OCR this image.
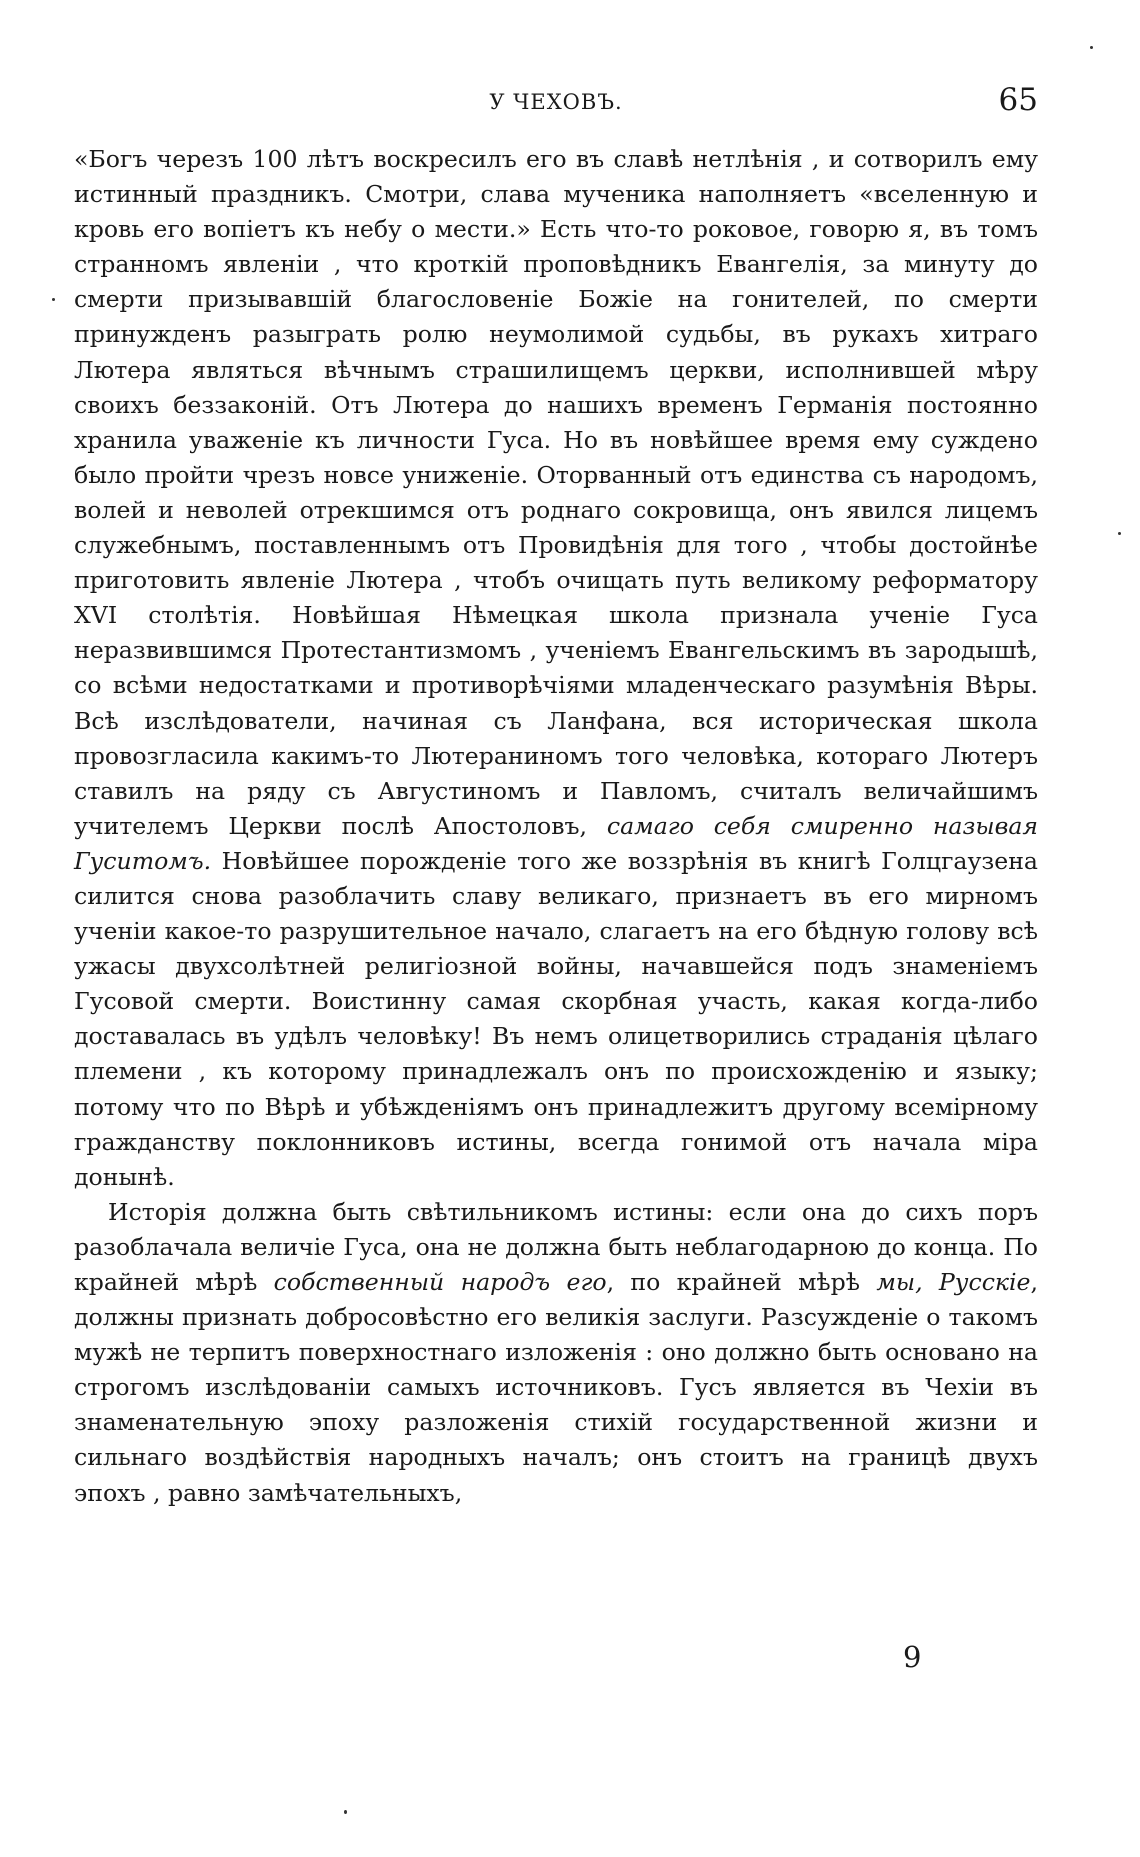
У ЧЕХОВЪ.	65

«Богъ черезъ 100 лѣтъ воскресилъ его въ славѣ нетлѣнія , и сотворилъ ему истинный праздникъ. Смотри, слава мученика наполняетъ «вселенную и кровь его вопіетъ къ небу о мести.» Есть что-то роковое, говорю я, въ томъ странномъ явленіи , что кроткій проповѣдникъ Евангелія, за минуту до смерти призывавшій благословеніе Божіе на гонителей, по смерти принужденъ разыграть ролю неумолимой судьбы, въ рукахъ хитраго Лютера являться вѣчнымъ страшилищемъ церкви, исполнившей мѣру своихъ беззаконій. Отъ Лютера до нашихъ временъ Германія постоянно хранила уваженіе къ личности Гуса. Но въ новѣйшее время ему суждено было пройти чрезъ новсе униженіе. Оторванный отъ единства съ народомъ, волей и неволей отрекшимся отъ роднаго сокровища, онъ явился лицемъ служебнымъ, поставленнымъ отъ Провидѣнія для того , чтобы достойнѣе приготовить явленіе Лютера , чтобъ очищать путь великому реформатору XVI столѣтія. Новѣйшая Нѣмецкая школа признала ученіе Гуса неразвившимся Протестантизмомъ , ученіемъ Евангельскимъ въ зародышѣ, со всѣми недостатками и противорѣчіями младенческаго разумѣнія Вѣры. Всѣ изслѣдователи, начиная съ Ланфана, вся историческая школа провозгласила какимъ-то Лютераниномъ того человѣка, котораго Лютеръ ставилъ на ряду съ Августиномъ и Павломъ, считалъ величайшимъ учителемъ Церкви послѣ Апостоловъ, самаго себя смиренно называя Гуситомъ. Новѣйшее порожденіе того же воззрѣнія въ книгѣ Голцгаузена силится снова разоблачить славу великаго, признаетъ въ его мирномъ ученіи какое-то разрушительное начало, слагаетъ на его бѣдную голову всѣ ужасы двухсолѣтней религіозной войны, начавшейся подъ знаменіемъ Гусовой смерти. Воистинну самая скорбная участь, какая когда-либо доставалась въ удѣлъ человѣку! Въ немъ олицетворились страданія цѣлаго племени , къ которому принадлежалъ онъ по происхожденію и языку; потому что по Вѣрѣ и убѣжденіямъ онъ принадлежитъ другому всемірному гражданству поклонниковъ истины, всегда гонимой отъ начала міра донынѣ.

Исторія должна быть свѣтильникомъ истины: если она до сихъ поръ разоблачала величіе Гуса, она не должна быть неблагодарною до конца. По крайней мѣрѣ собственный народъ его, по крайней мѣрѣ мы, Русскіе, должны признать добросовѣстно его великія заслуги. Разсужденіе о такомъ мужѣ не терпитъ поверхностнаго изложенія : оно должно быть основано на строгомъ изслѣдованіи самыхъ источниковъ. Гусъ является въ Чехіи въ знаменательную эпоху разложенія стихій государственной жизни и сильнаго воздѣйствія народныхъ началъ; онъ стоитъ на границѣ двухъ эпохъ , равно замѣчательныхъ,

9
